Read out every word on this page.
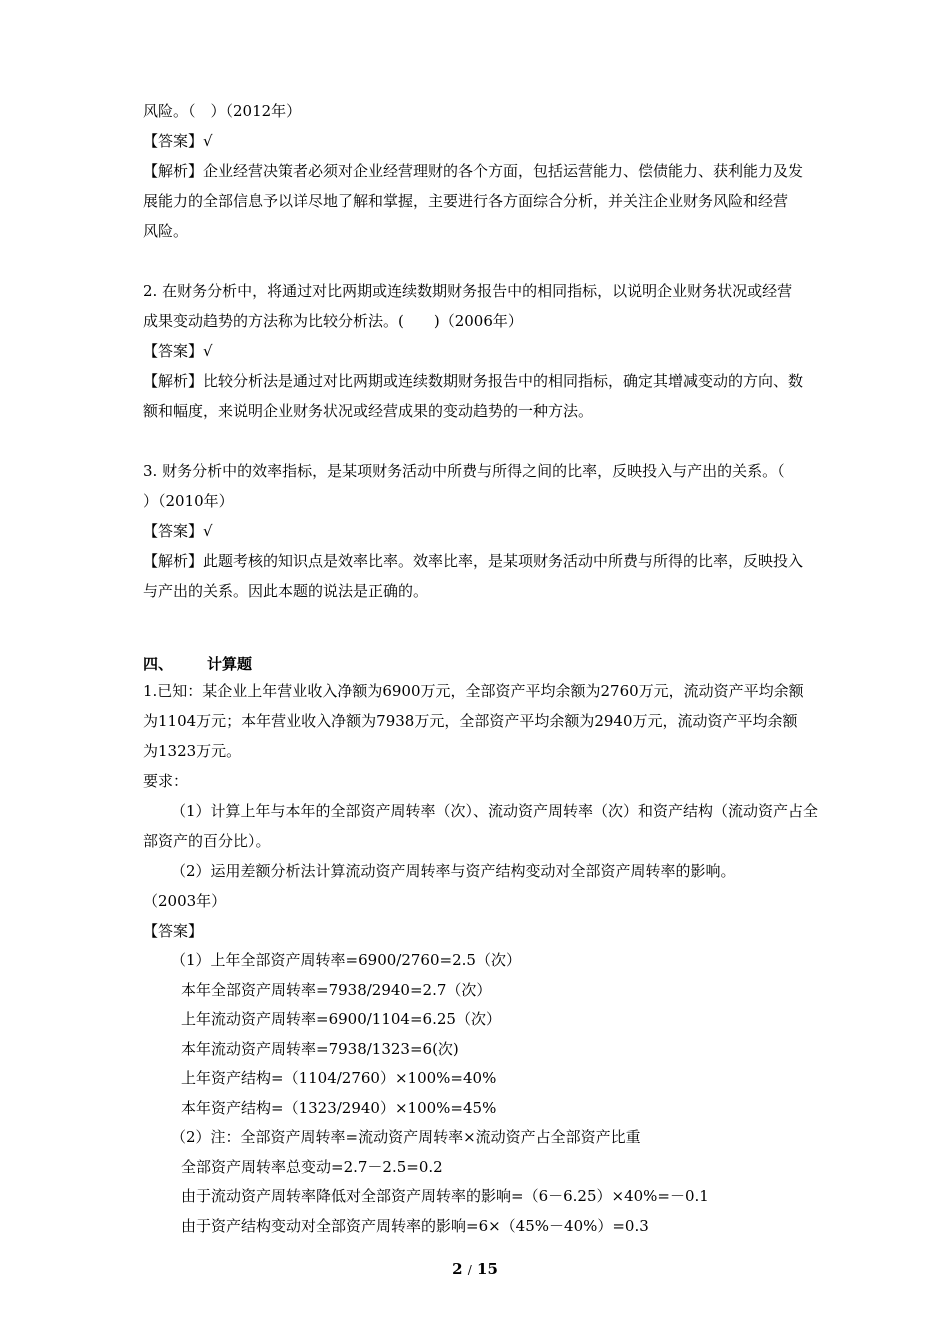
风险。（　）（2012年）

【答案】√

【解析】企业经营决策者必须对企业经营理财的各个方面，包括运营能力、偿债能力、获利能力及发

展能力的全部信息予以详尽地了解和掌握，主要进行各方面综合分析，并关注企业财务风险和经营

风险。

2. 在财务分析中，将通过对比两期或连续数期财务报告中的相同指标，以说明企业财务状况或经营

成果变动趋势的方法称为比较分析法。(　　)（2006年）

【答案】√

【解析】比较分析法是通过对比两期或连续数期财务报告中的相同指标，确定其增减变动的方向、数

额和幅度，来说明企业财务状况或经营成果的变动趋势的一种方法。

3. 财务分析中的效率指标，是某项财务活动中所费与所得之间的比率，反映投入与产出的关系。（

）（2010年）

【答案】√

【解析】此题考核的知识点是效率比率。效率比率，是某项财务活动中所费与所得的比率，反映投入

与产出的关系。因此本题的说法是正确的。

四、 计算题

1.已知：某企业上年营业收入净额为6900万元，全部资产平均余额为2760万元，流动资产平均余额

为1104万元；本年营业收入净额为7938万元，全部资产平均余额为2940万元，流动资产平均余额

为1323万元。

要求：

（1）计算上年与本年的全部资产周转率（次）、流动资产周转率（次）和资产结构（流动资产占全

部资产的百分比）。

（2）运用差额分析法计算流动资产周转率与资产结构变动对全部资产周转率的影响。

（2003年）

【答案】

（1）上年全部资产周转率=6900/2760=2.5（次）

本年全部资产周转率=7938/2940=2.7（次）

上年流动资产周转率=6900/1104=6.25（次）

本年流动资产周转率=7938/1323=6(次)

上年资产结构=（1104/2760）×100%=40%

本年资产结构=（1323/2940）×100%=45%

（2）注：全部资产周转率=流动资产周转率×流动资产占全部资产比重

全部资产周转率总变动=2.7－2.5=0.2

由于流动资产周转率降低对全部资产周转率的影响=（6－6.25）×40%=－0.1

由于资产结构变动对全部资产周转率的影响=6×（45%－40%）=0.3

2 / 15
